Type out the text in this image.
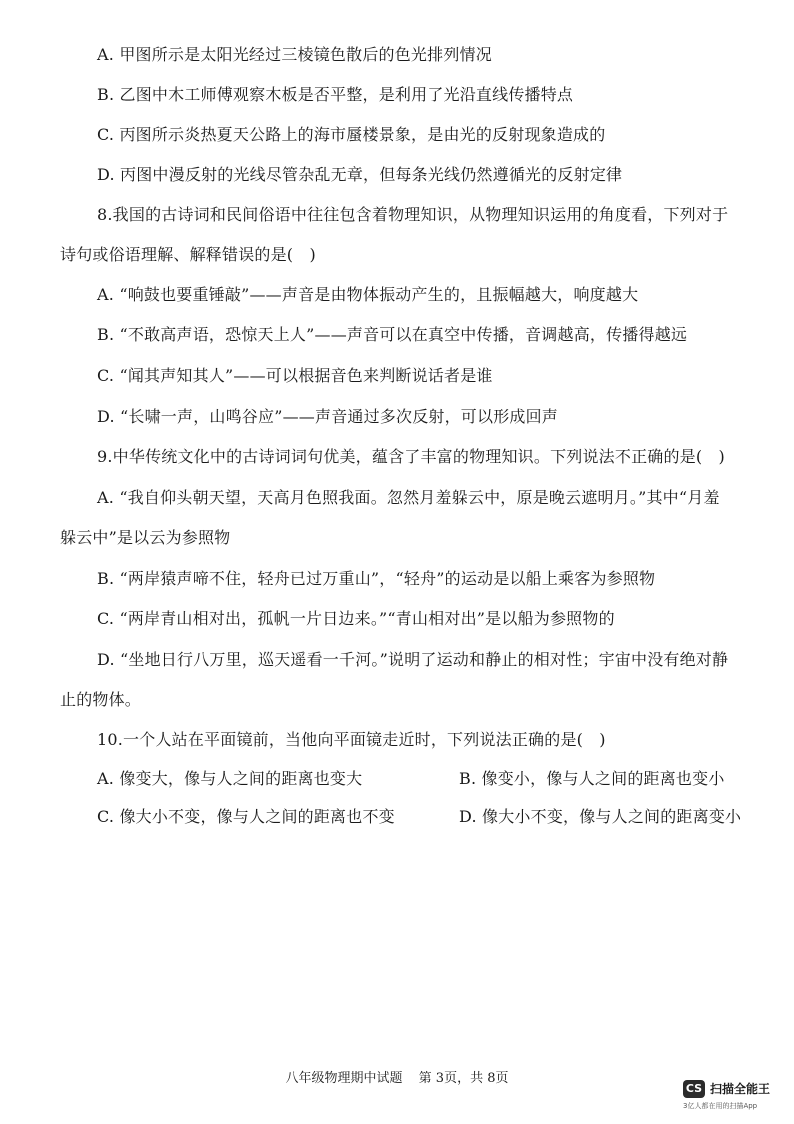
A. 甲图所示是太阳光经过三棱镜色散后的色光排列情况
B. 乙图中木工师傅观察木板是否平整，是利用了光沿直线传播特点
C. 丙图所示炎热夏天公路上的海市蜃楼景象，是由光的反射现象造成的
D. 丙图中漫反射的光线尽管杂乱无章，但每条光线仍然遵循光的反射定律
8.我国的古诗词和民间俗语中往往包含着物理知识，从物理知识运用的角度看，下列对于
诗句或俗语理解、解释错误的是(　)
A. “响鼓也要重锤敲”——声音是由物体振动产生的，且振幅越大，响度越大
B. “不敢高声语，恐惊天上人”——声音可以在真空中传播，音调越高，传播得越远
C. “闻其声知其人”——可以根据音色来判断说话者是谁
D. “长啸一声，山鸣谷应”——声音通过多次反射，可以形成回声
9.中华传统文化中的古诗词词句优美，蕴含了丰富的物理知识。下列说法不正确的是(　)
A. “我自仰头朝天望，天高月色照我面。忽然月羞躲云中，原是晚云遮明月。”其中“月羞
躲云中”是以云为参照物
B. “两岸猿声啼不住，轻舟已过万重山”，“轻舟”的运动是以船上乘客为参照物
C. “两岸青山相对出，孤帆一片日边来。”“青山相对出”是以船为参照物的
D. “坐地日行八万里，巡天遥看一千河。”说明了运动和静止的相对性；宇宙中没有绝对静
止的物体。
10.一个人站在平面镜前，当他向平面镜走近时，下列说法正确的是(　)
A. 像变大，像与人之间的距离也变大	B. 像变小，像与人之间的距离也变小
C. 像大小不变，像与人之间的距离也不变	D. 像大小不变，像与人之间的距离变小
八年级物理期中试题 第 3页，共 8页
CS 扫描全能王
3亿人都在用的扫描App
